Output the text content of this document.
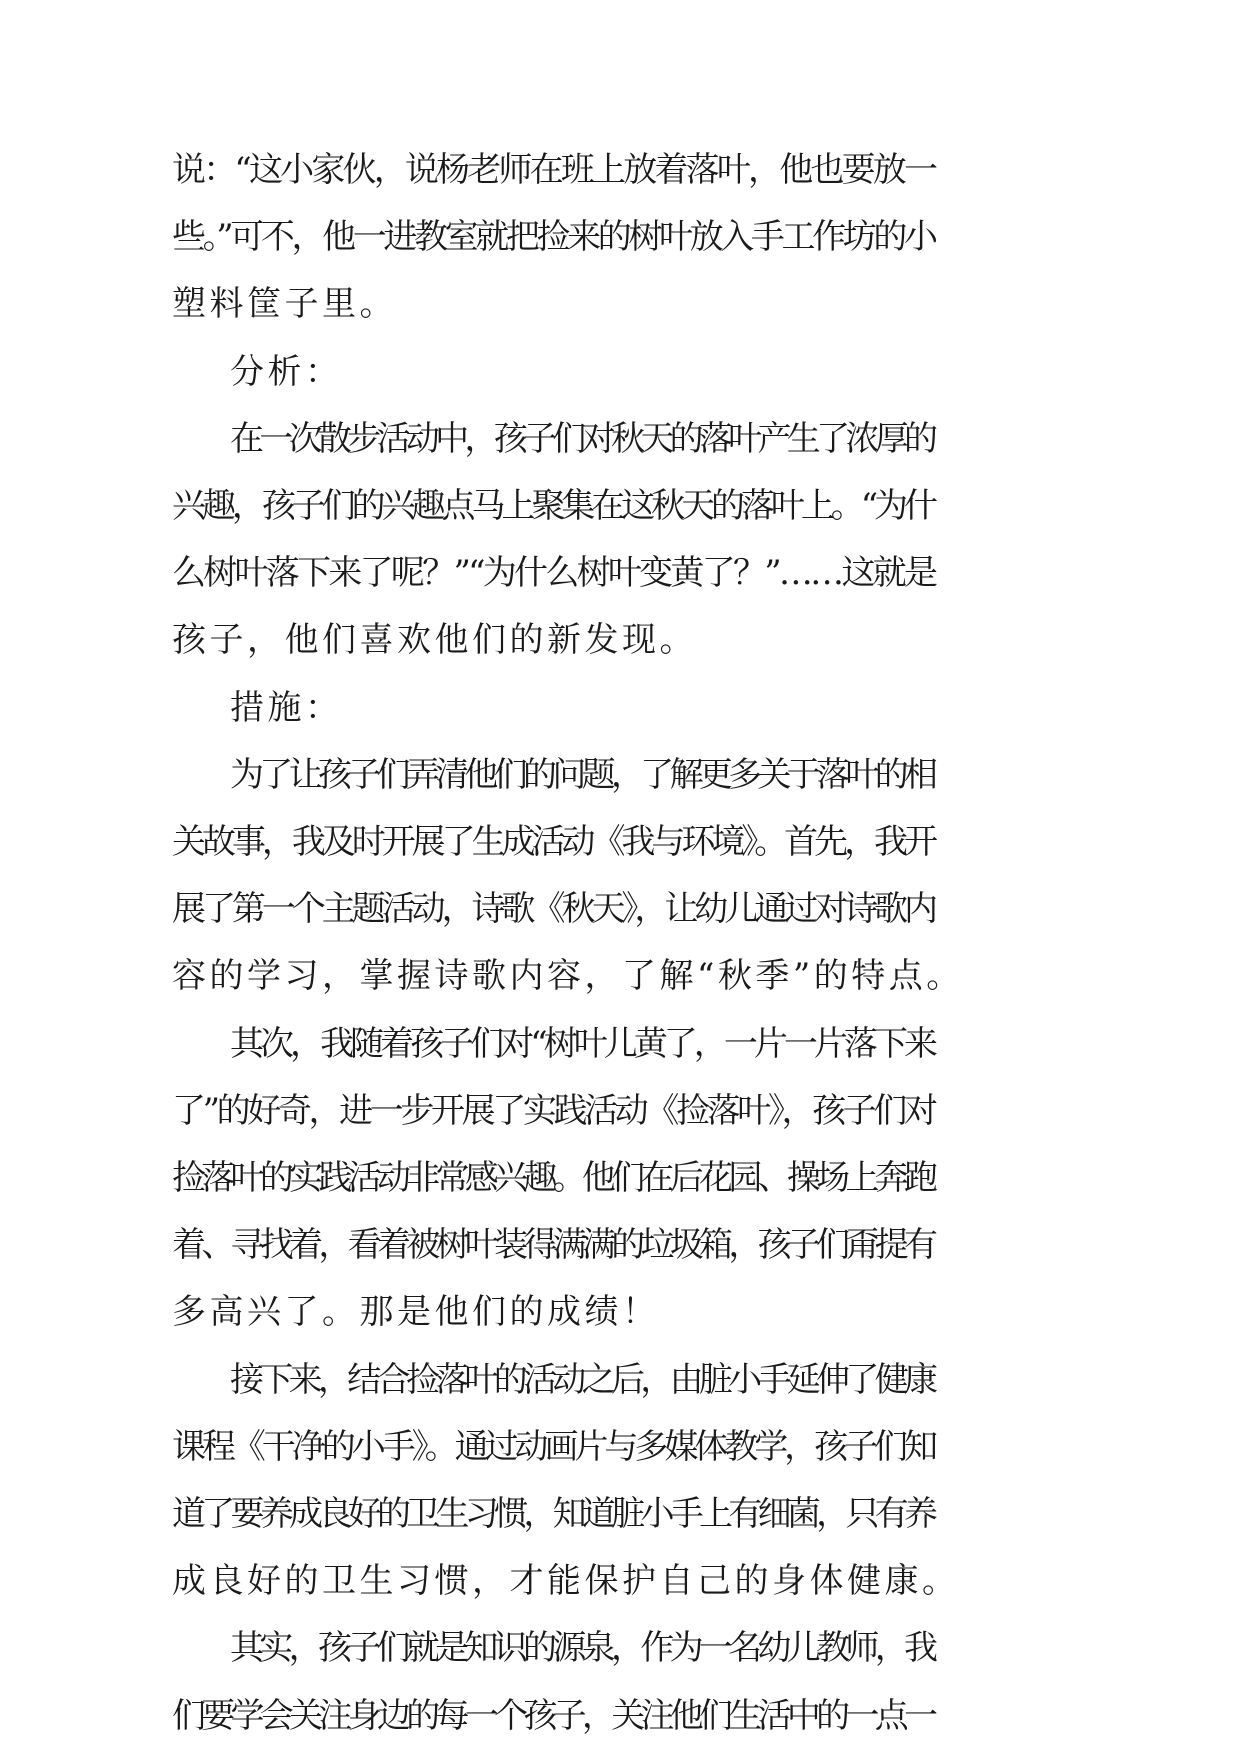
说：“这小家伙，说杨老师在班上放着落叶，他也要放一
些。”可不，他一进教室就把捡来的树叶放入手工作坊的小
塑料筐子里。
分析：
在一次散步活动中，孩子们对秋天的落叶产生了浓厚的
兴趣，孩子们的兴趣点马上聚集在这秋天的落叶上。“为什
么树叶落下来了呢？”“为什么树叶变黄了？”……这就是
孩子，他们喜欢他们的新发现。
措施：
为了让孩子们弄清他们的问题，了解更多关于落叶的相
关故事，我及时开展了生成活动《我与环境》。首先，我开
展了第一个主题活动，诗歌《秋天》，让幼儿通过对诗歌内
容的学习，掌握诗歌内容，了解“秋季”的特点。
其次，我随着孩子们对“树叶儿黄了，一片一片落下来
了”的好奇，进一步开展了实践活动《捡落叶》，孩子们对
捡落叶的实践活动非常感兴趣。他们在后花园、操场上奔跑
着、寻找着，看着被树叶装得满满的垃圾箱，孩子们甭提有
多高兴了。那是他们的成绩！
接下来，结合捡落叶的活动之后，由脏小手延伸了健康
课程《干净的小手》。通过动画片与多媒体教学，孩子们知
道了要养成良好的卫生习惯，知道脏小手上有细菌，只有养
成良好的卫生习惯，才能保护自己的身体健康。
其实，孩子们就是知识的源泉，作为一名幼儿教师，我
们要学会关注身边的每一个孩子，关注他们生活中的一点一
